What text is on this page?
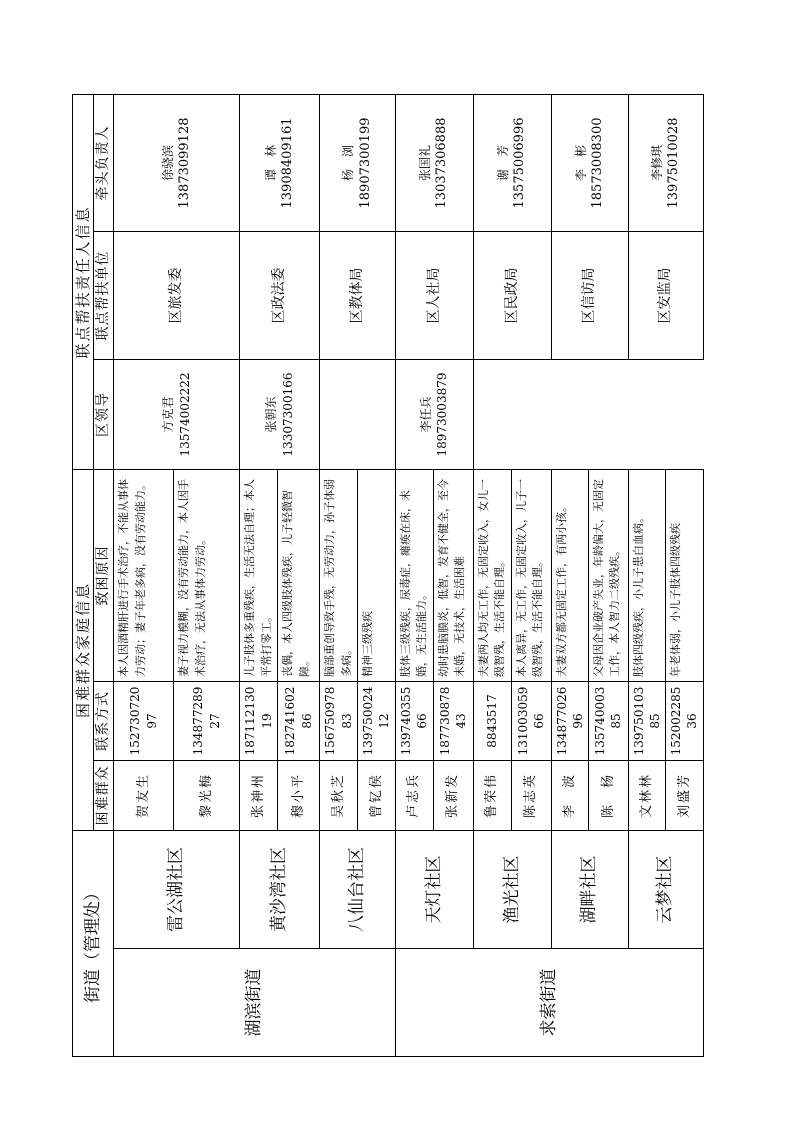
街道（管理处）		困难群众家庭信息			联点帮扶责任人信息		
		困难群众	联系方式	致困原因	区领导	联点帮扶单位	牵头负责人
湖滨街道	雷公湖社区	贺友生	15273072097	本人因酒精肝进行手术治疗，不能从事体力劳动；妻子年老多病，没有劳动能力。	方克君 13574002222	区旅发委	徐骁滨 13873099128

		黎光梅	13487728927	妻子视力模糊，没有劳动能力，本人因手术治疗，无法从事体力劳动。			
	黄沙湾社区	张神州	18711213019	儿子肢体多重残疾，生活无法自理；本人平常打零工。	张朝东 13307300166	区政法委	谭　林 13908409161

		穆小平	18274160286	丧偶，本人四级肢体残疾，儿子轻微智障。			
	八仙台社区	吴秋芝	15675097883	脑部重创导致手残，无劳动力，孙子体弱多病。		区教体局	杨　浏 18907300199

		曾钇侯	13975002412	精神三级残疾			
求索街道	天灯社区	卢志兵	13974035566	肢体三级残疾，尿毒症，瘫痪在床，未婚，无生活能力。	李任兵 18973003879	区人社局	张国礼 13037306888

		张新发	18773087843	幼时患脑膜炎，低智，发育不健全，至今未婚，无技术，生活困难			
	渔光社区	鲁荣伟	8843517	夫妻两人均无工作，无固定收入，女儿一级智残，生活不能自理。		区民政局	谢　芳 13575006996

		陈志英	13100305966	本人离异，无工作，无固定收入，儿子一级智残，生活不能自理。			
	湖畔社区	李　波	13487702696	夫妻双方都无固定工作，有两小孩。		区信访局	李　彬 18573008300

		陈　杨	13574000385	父母因企业破产失业，年龄偏大，无固定工作，本人智力二级残疾。			
	云梦社区	文林林	13975010385	肢体四级残疾，小儿子患白血病。		区安监局	李修琪 13975010028

		刘盛芳	15200228536	年老体弱，小儿子肢体四级残疾			
